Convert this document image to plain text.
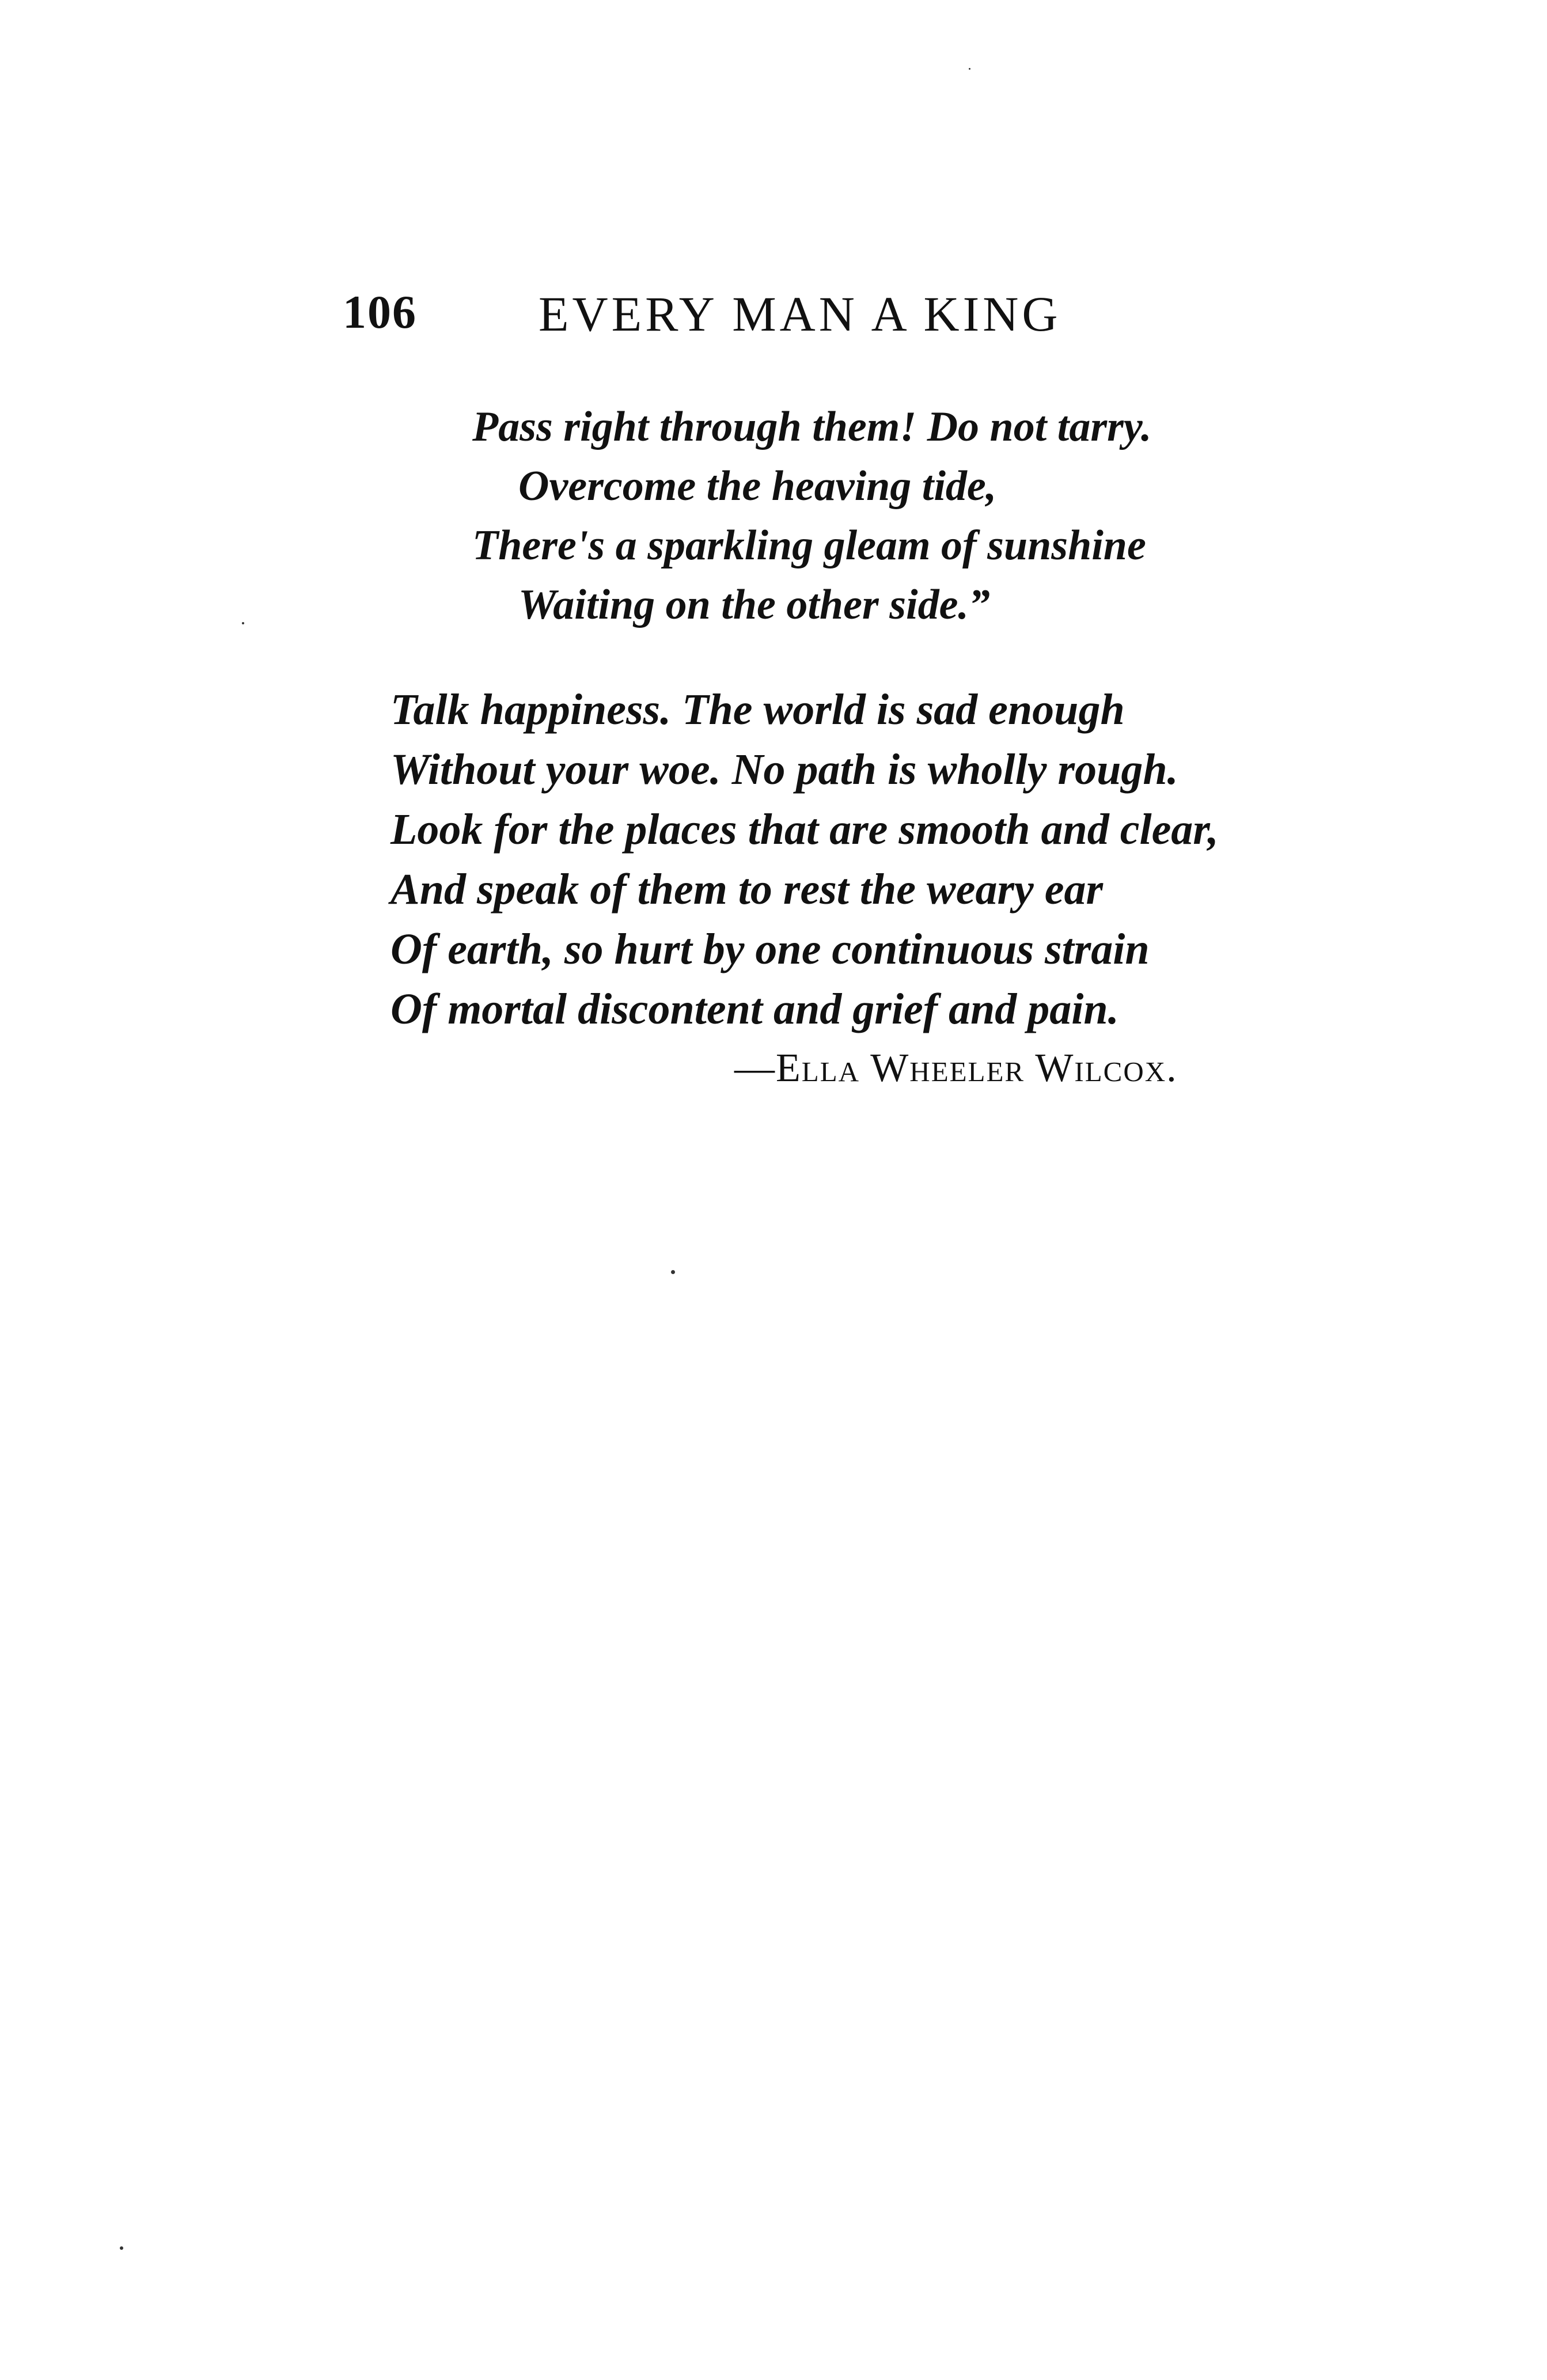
106 EVERY MAN A KING
Pass right through them! Do not tarry.
Overcome the heaving tide,
There's a sparkling gleam of sunshine
Waiting on the other side.”
Talk happiness. The world is sad enough
Without your woe. No path is wholly rough.
Look for the places that are smooth and clear,
And speak of them to rest the weary ear
Of earth, so hurt by one continuous strain
Of mortal discontent and grief and pain.
—Ella Wheeler Wilcox.
